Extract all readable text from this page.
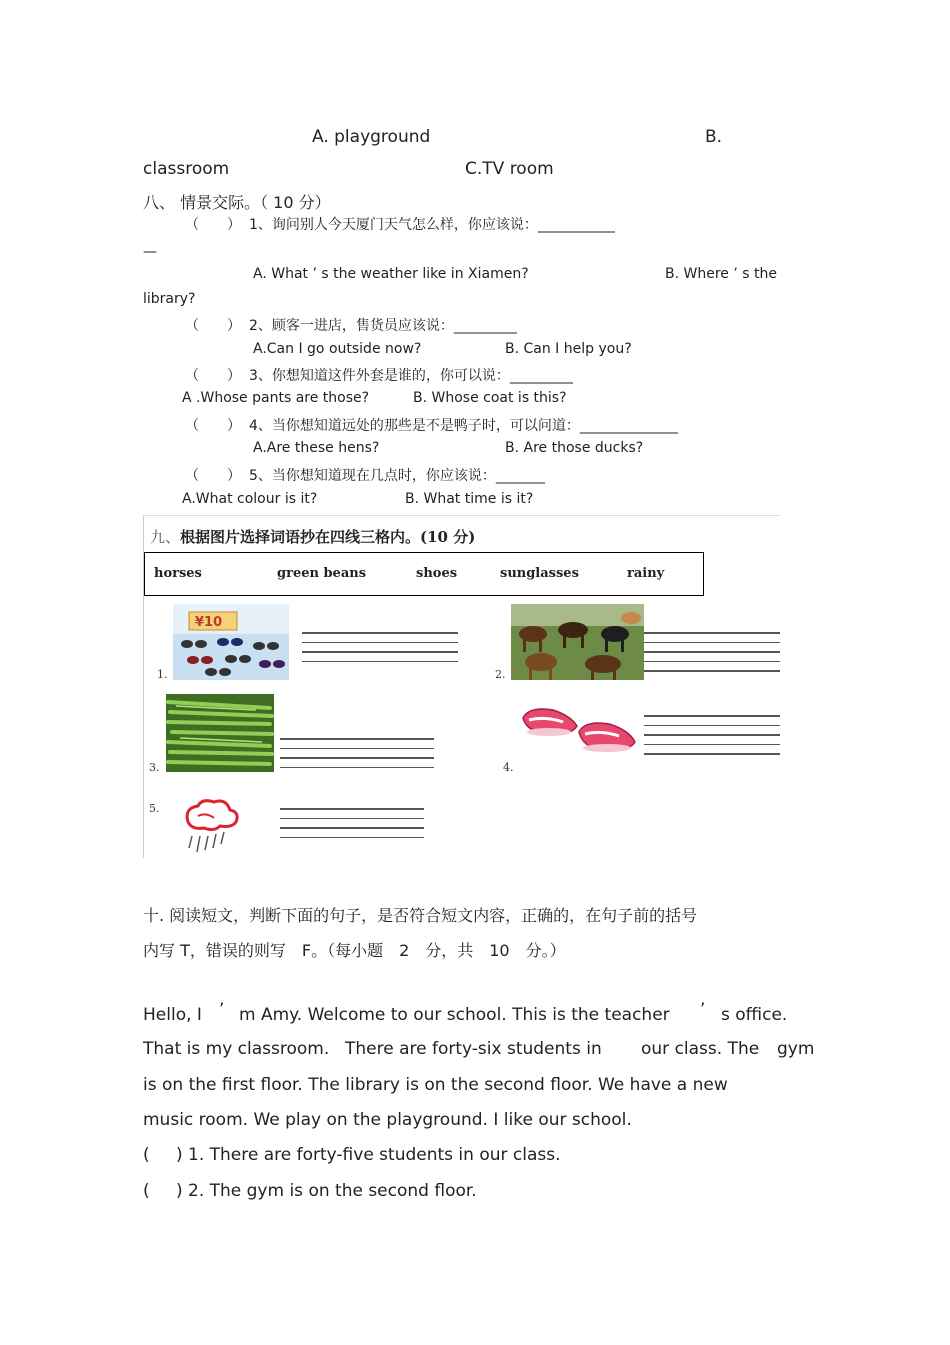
A. playground	B.
classroom	C.TV room
八、 情景交际。（ 10 分）
（　　） 1、询问别人今天厦门天气怎么样，你应该说：___________
—
A. What ’ s the weather like in Xiamen?	B. Where ’ s the
library?
（　　） 2、顾客一进店，售货员应该说：_________
A.Can I go outside now?	B. Can I help you?
（　　） 3、你想知道这件外套是谁的，你可以说：_________
A .Whose pants are those?	B. Whose coat is this?
（　　） 4、当你想知道远处的那些是不是鸭子时，可以问道：______________
A.Are these hens?	B. Are those ducks?
（　　） 5、当你想知道现在几点时，你应该说：_______
A.What colour is it?	B. What time is it?
九、根据图片选择词语抄在四线三格内。(10 分)
horses	green beans	shoes	sunglasses	rainy
¥10
1.	2.
3.	4.
5.
十. 阅读短文，判断下面的句子，是否符合短文内容，正确的，在句子前的括号
内写 T，错误的则写　F。（每小题　2　分，共　10　分。）
Hello, I ’ m Amy. Welcome to our school. This is the teacher ’ s office.
That is my classroom. There are forty-six students in our class. The gym
is on the first floor. The library is on the second floor. We have a new
music room. We play on the playground. I like our school.
( ) 1. There are forty-five students in our class.
( ) 2. The gym is on the second floor.
